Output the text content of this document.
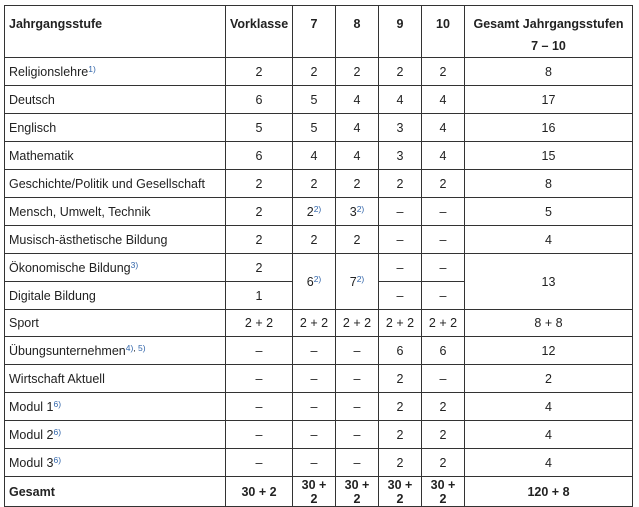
Jahrgangsstufe	Vorklasse	7	8	9	10	Gesamt Jahrgangsstufen
7 – 10
Religionslehre$^{1)}$	2	2	2	2	2	8
Deutsch	6	5	4	4	4	17
Englisch	5	5	4	3	4	16
Mathematik	6	4	4	3	4	15
Geschichte/Politik und Gesellschaft	2	2	2	2	2	8
Mensch, Umwelt, Technik	2	2$^{2)}$	3$^{2)}$	–	–	5
Musisch-ästhetische Bildung	2	2	2	–	–	4
Ökonomische Bildung$^{3)}$	2	6$^{2)}$	7$^{2)}$	–	–	13
Digitale Bildung	1			–	–	
Sport	2 + 2	2 + 2	2 + 2	2 + 2	2 + 2	8 + 8
Übungsunternehmen$^{4),}$ $^{5)}$	–	–	–	6	6	12
Wirtschaft Aktuell	–	–	–	2	–	2
Modul 1$^{6)}$	–	–	–	2	2	4
Modul 2$^{6)}$	–	–	–	2	2	4
Modul 3$^{6)}$	–	–	–	2	2	4
Gesamt	30 + 2	30 + 2	30 + 2	30 + 2	30 + 2	120 + 8
